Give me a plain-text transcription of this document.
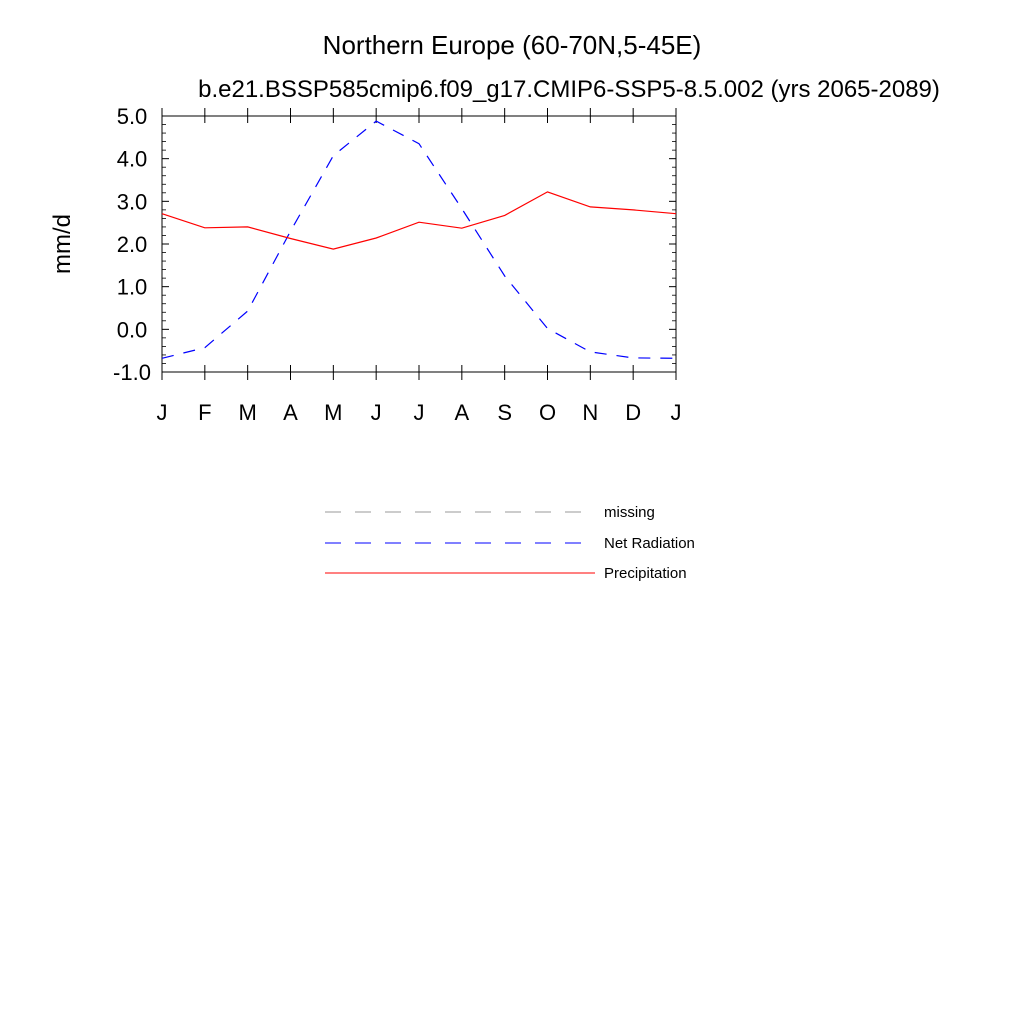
Northern Europe (60-70N,5-45E)
b.e21.BSSP585cmip6.f09_g17.CMIP6-SSP5-8.5.002 (yrs 2065-2089)
mm/d
-1.0
0.0
1.0
2.0
3.0
4.0
5.0
J F M A M J J A S O N D J
missing
Net Radiation
Precipitation
